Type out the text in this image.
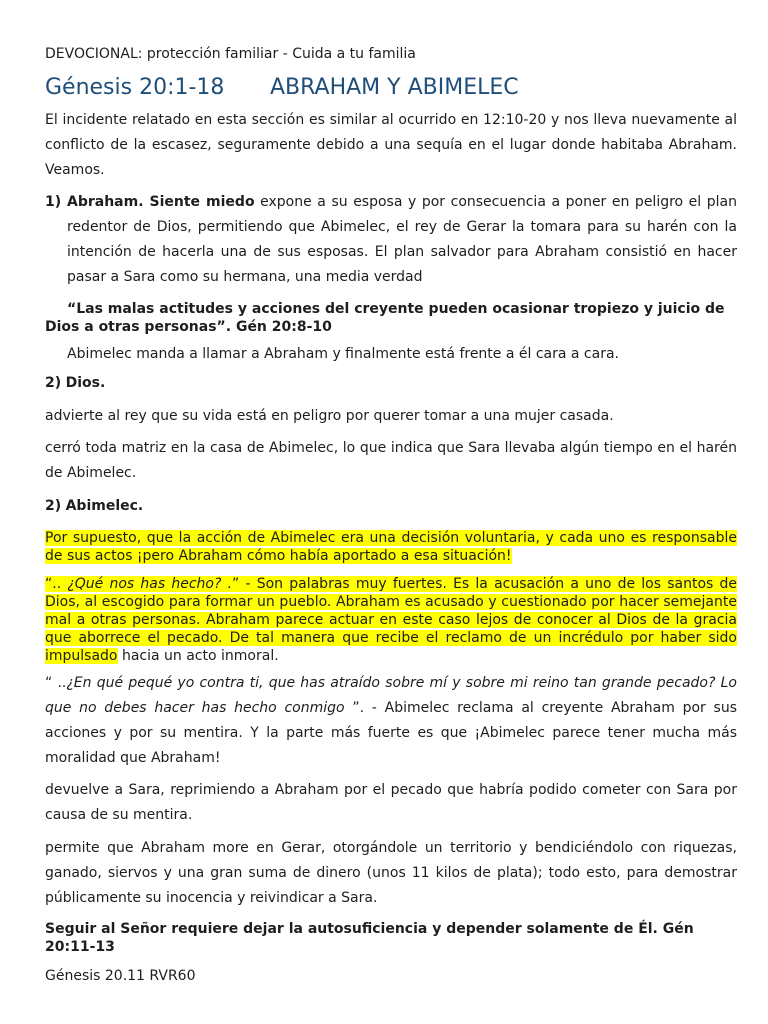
DEVOCIONAL: protección familiar - Cuida a tu familia
Génesis 20:1-18 ABRAHAM Y ABIMELEC
El incidente relatado en esta sección es similar al ocurrido en 12:10-20 y nos lleva nuevamente al conflicto de la escasez, seguramente debido a una sequía en el lugar donde habitaba Abraham. Veamos.
1) Abraham. Siente miedo expone a su esposa y por consecuencia a poner en peligro el plan redentor de Dios, permitiendo que Abimelec, el rey de Gerar la tomara para su harén con la intención de hacerla una de sus esposas. El plan salvador para Abraham consistió en hacer pasar a Sara como su hermana, una media verdad
“Las malas actitudes y acciones del creyente pueden ocasionar tropiezo y juicio de Dios a otras personas”. Gén 20:8-10
Abimelec manda a llamar a Abraham y finalmente está frente a él cara a cara.
2) Dios.
advierte al rey que su vida está en peligro por querer tomar a una mujer casada.
cerró toda matriz en la casa de Abimelec, lo que indica que Sara llevaba algún tiempo en el harén de Abimelec.
2) Abimelec.
Por supuesto, que la acción de Abimelec era una decisión voluntaria, y cada uno es responsable de sus actos ¡pero Abraham cómo había aportado a esa situación!
“.. ¿Qué nos has hecho? .” - Son palabras muy fuertes. Es la acusación a uno de los santos de Dios, al escogido para formar un pueblo. Abraham es acusado y cuestionado por hacer semejante mal a otras personas. Abraham parece actuar en este caso lejos de conocer al Dios de la gracia que aborrece el pecado. De tal manera que recibe el reclamo de un incrédulo por haber sido impulsado hacia un acto inmoral.
“ ..¿En qué pequé yo contra ti, que has atraído sobre mí y sobre mi reino tan grande pecado? Lo que no debes hacer has hecho conmigo ”. - Abimelec reclama al creyente Abraham por sus acciones y por su mentira. Y la parte más fuerte es que ¡Abimelec parece tener mucha más moralidad que Abraham!
devuelve a Sara, reprimiendo a Abraham por el pecado que habría podido cometer con Sara por causa de su mentira.
permite que Abraham more en Gerar, otorgándole un territorio y bendiciéndolo con riquezas, ganado, siervos y una gran suma de dinero (unos 11 kilos de plata); todo esto, para demostrar públicamente su inocencia y reivindicar a Sara.
Seguir al Señor requiere dejar la autosuficiencia y depender solamente de Él. Gén 20:11-13
Génesis 20.11 RVR60
